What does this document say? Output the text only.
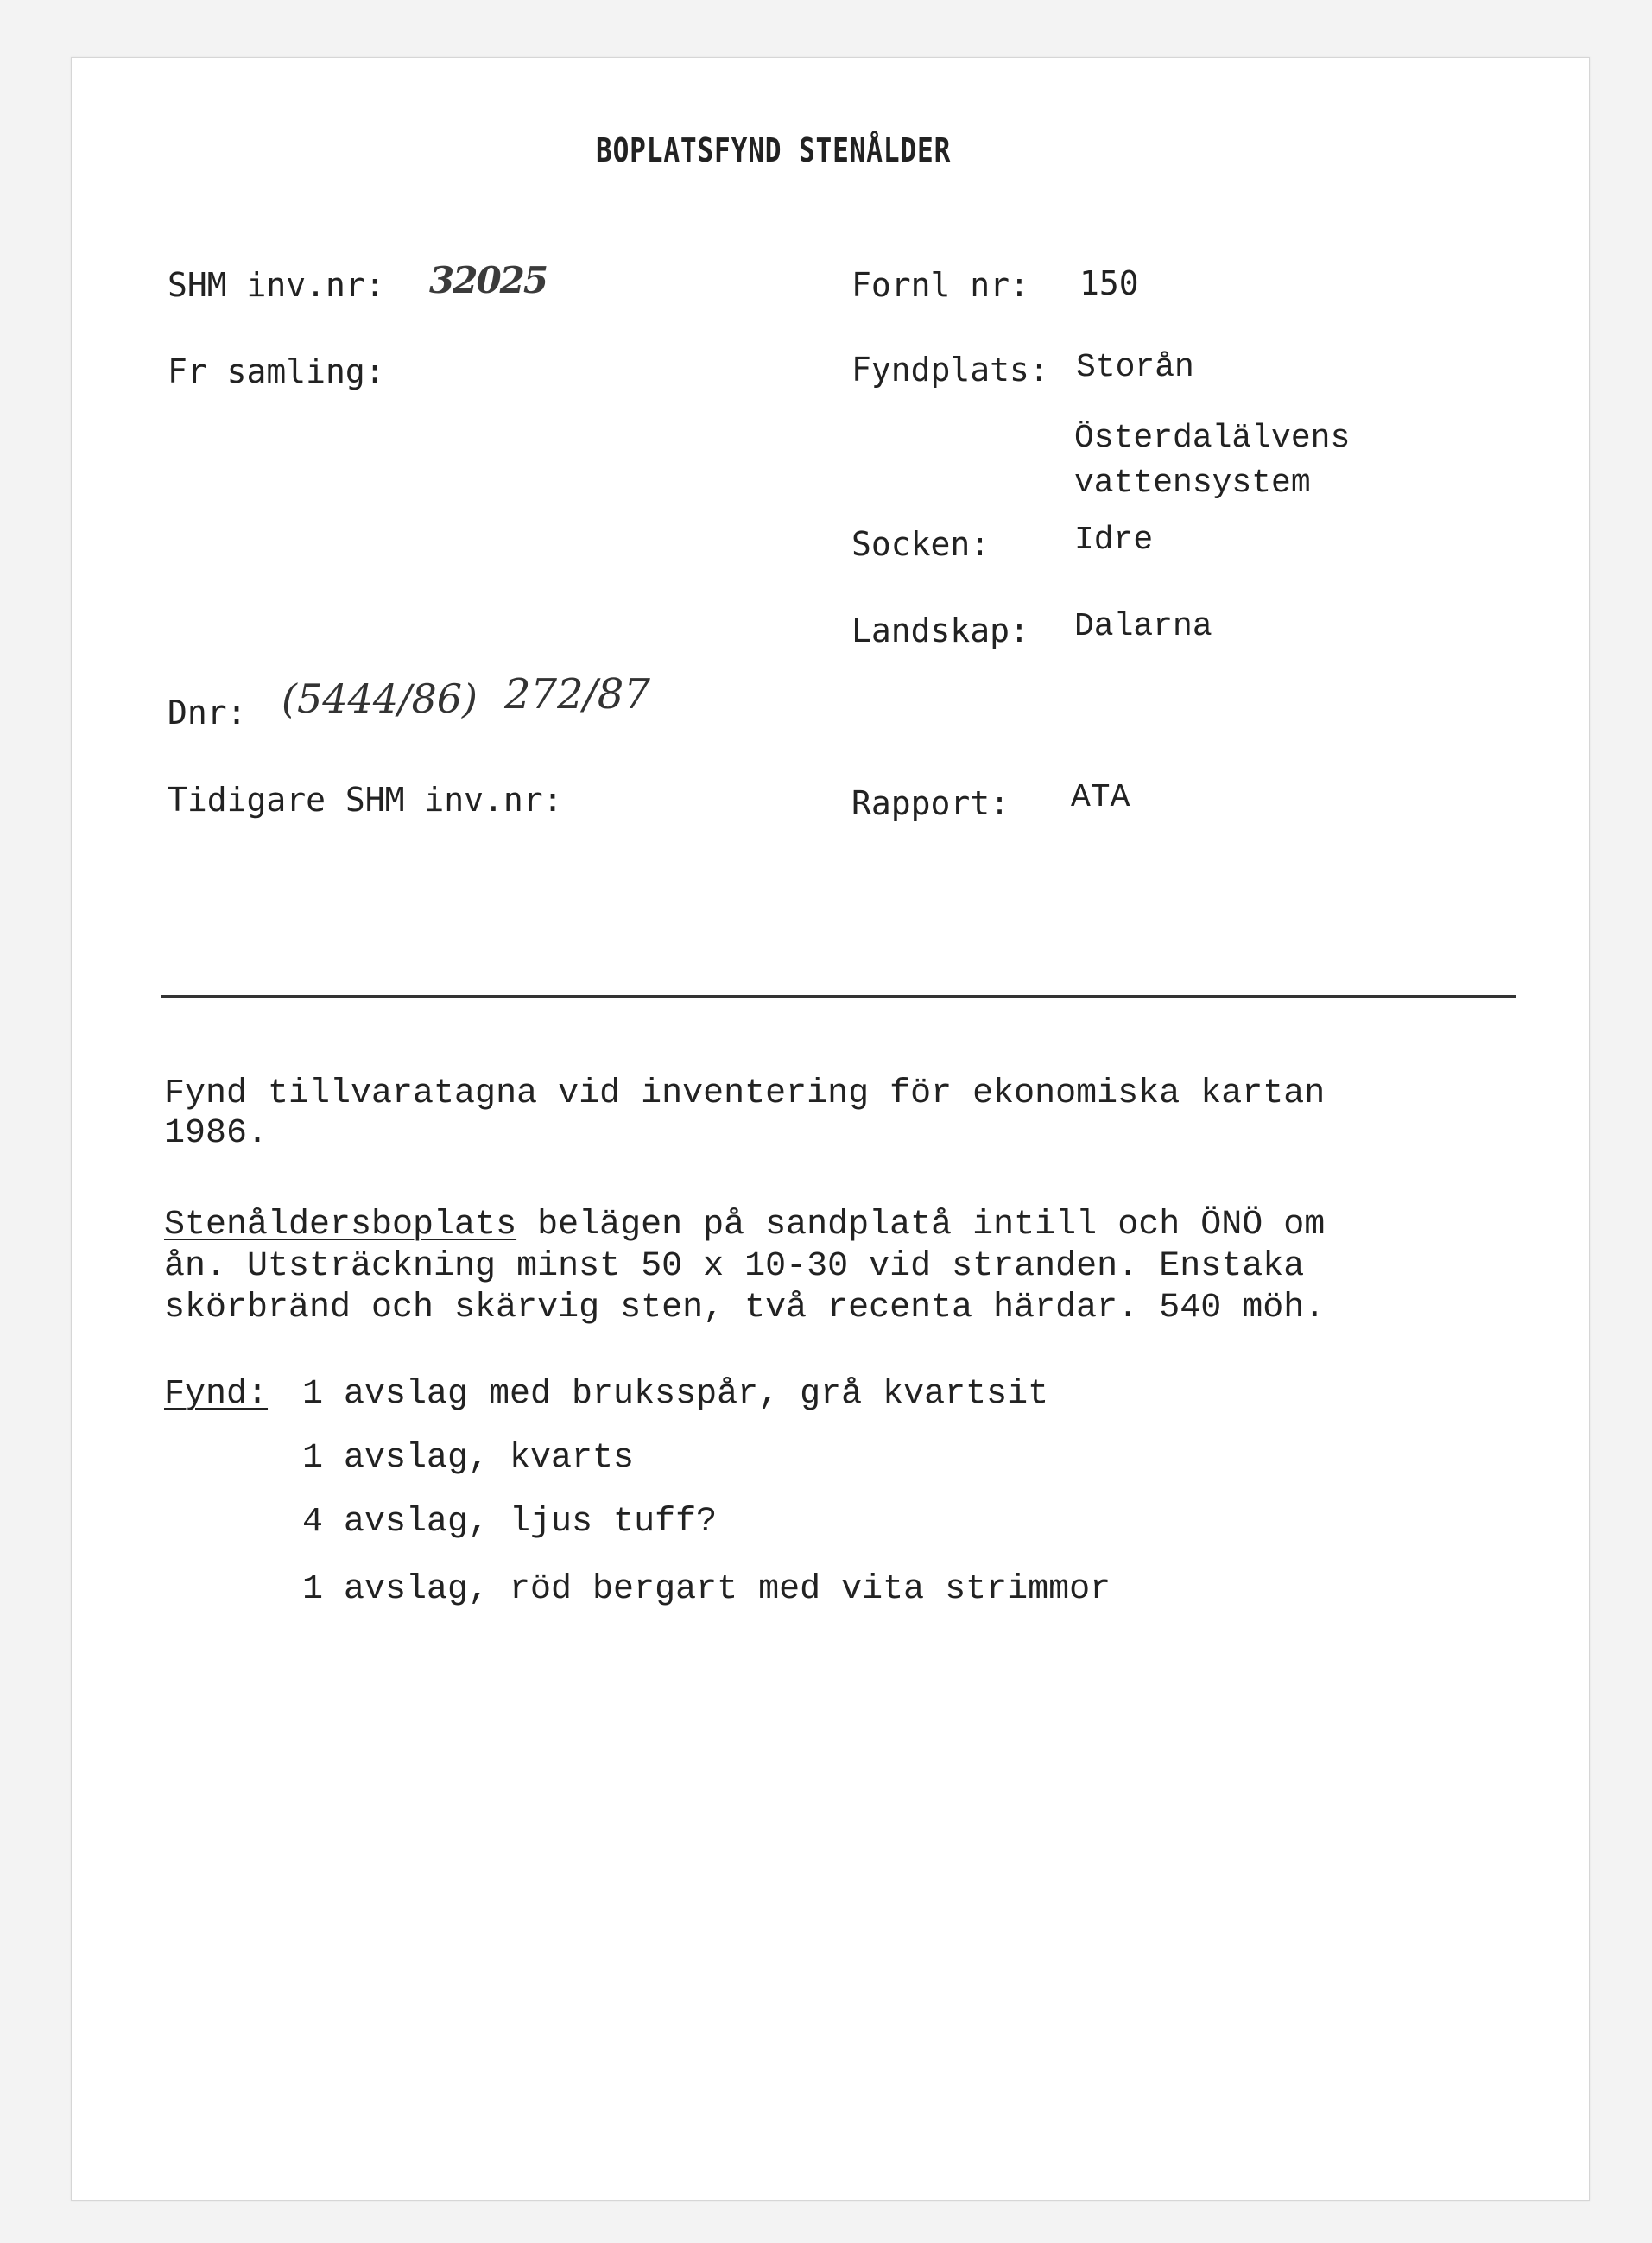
BOPLATSFYND STENÅLDER
SHM inv.nr: 32025
Fr samling:
Dnr: (5444/86) 272/87
Tidigare SHM inv.nr:
Fornl nr: 150
Fyndplats: Storån
Österdalälvens
vattensystem
Socken:	Idre
Landskap: Dalarna
Rapport: ATA
Fynd tillvaratagna vid inventering för ekonomiska kartan
1986.
Stenåldersboplats belägen på sandplatå intill och ÖNÖ om
ån. Utsträckning minst 50 x 10-30 vid stranden. Enstaka
skörbränd och skärvig sten, två recenta härdar. 540 möh.
Fynd: 1 avslag med bruksspår, grå kvartsit
1 avslag, kvarts
4 avslag, ljus tuff?
1 avslag, röd bergart med vita strimmor
